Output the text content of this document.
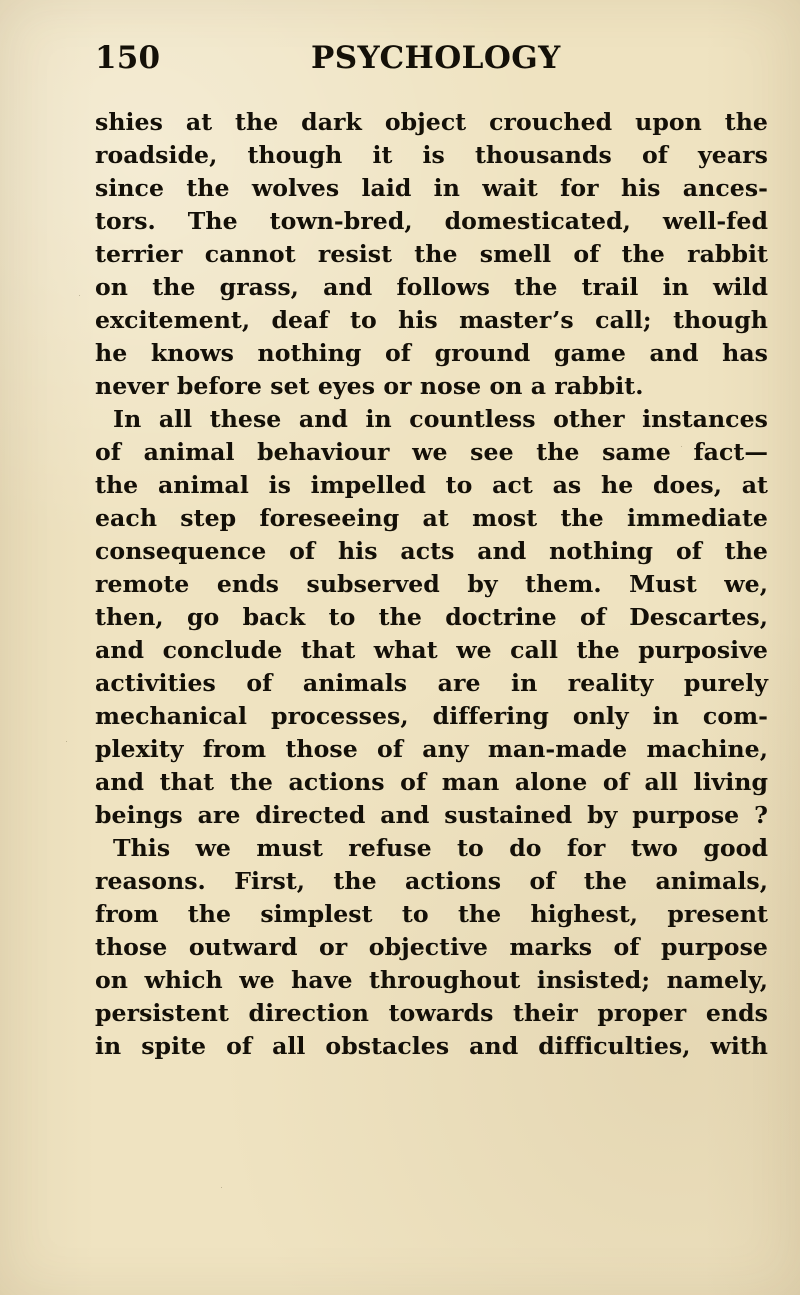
150	PSYCHOLOGY
shies at the dark object crouched upon the
roadside, though it is thousands of years
since the wolves laid in wait for his ances-
tors. The town-bred, domesticated, well-fed
terrier cannot resist the smell of the rabbit
on the grass, and follows the trail in wild
excitement, deaf to his master’s call; though
he knows nothing of ground game and has
never before set eyes or nose on a rabbit.
In all these and in countless other instances
of animal behaviour we see the same fact—
the animal is impelled to act as he does, at
each step foreseeing at most the immediate
consequence of his acts and nothing of the
remote ends subserved by them. Must we,
then, go back to the doctrine of Descartes,
and conclude that what we call the purposive
activities of animals are in reality purely
mechanical processes, differing only in com-
plexity from those of any man-made machine,
and that the actions of man alone of all living
beings are directed and sustained by purpose ?
This we must refuse to do for two good
reasons. First, the actions of the animals,
from the simplest to the highest, present
those outward or objective marks of purpose
on which we have throughout insisted; namely,
persistent direction towards their proper ends
in spite of all obstacles and difficulties, with
